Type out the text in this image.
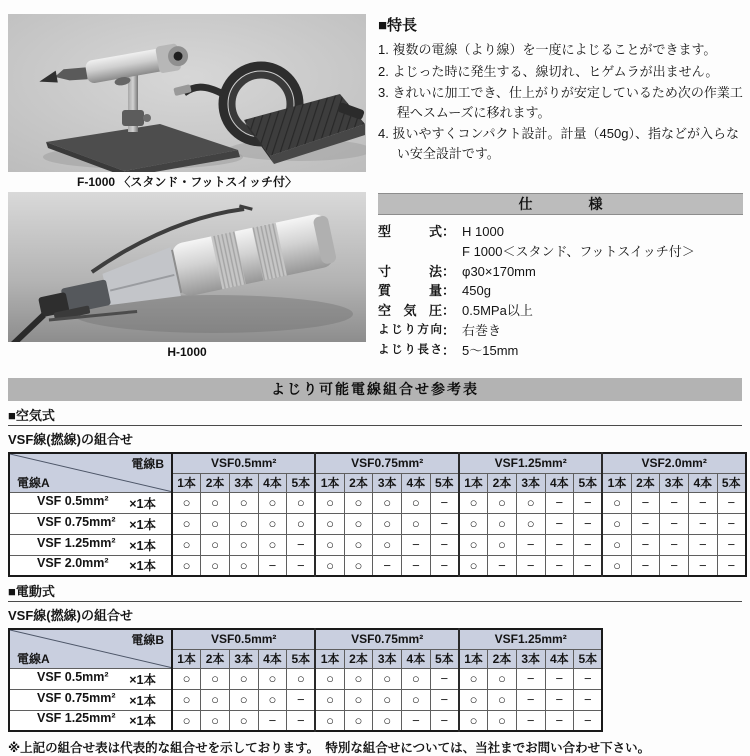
F-1000 〈スタンド・フットスイッチ付〉
H-1000
■特長
1. 複数の電線（より線）を一度によじることができます。
2. よじった時に発生する、線切れ、ヒゲムラが出ません。
3. きれいに加工でき、仕上がりが安定しているため次の作業工程へスムーズに移れます。
4. 扱いやすくコンパクト設計。計量（450g）、指などが入らない安全設計です。
仕　　　　様
型式 ： H 1000
F 1000＜スタンド、フットスイッチ付＞
寸法 ： φ30×170mm
質量 ： 450g
空気圧 ： 0.5MPa以上
よじり方向 ： 右巻き
よじり長さ ： 5～15mm
よじり可能電線組合せ参考表
■空気式
VSF線(撚線)の組合せ
電線B
電線A	VSF0.5mm²					VSF0.75mm²					VSF1.25mm²					VSF2.0mm²				
	1本	2本	3本	4本	5本	1本	2本	3本	4本	5本	1本	2本	3本	4本	5本	1本	2本	3本	4本	5本

VSF 0.5mm² ×1本	○	○	○	○	○	○	○	○	○	−	○	○	○	−	−	○	−	−	−	−

VSF 0.75mm² ×1本	○	○	○	○	○	○	○	○	○	−	○	○	○	−	−	○	−	−	−	−

VSF 1.25mm² ×1本	○	○	○	○	−	○	○	○	−	−	○	○	−	−	−	○	−	−	−	−

VSF 2.0mm² ×1本	○	○	○	−	−	○	○	−	−	−	○	−	−	−	−	○	−	−	−	−
■電動式
VSF線(撚線)の組合せ
電線B
電線A	VSF0.5mm²					VSF0.75mm²					VSF1.25mm²				
	1本	2本	3本	4本	5本	1本	2本	3本	4本	5本	1本	2本	3本	4本	5本

VSF 0.5mm² ×1本	○	○	○	○	○	○	○	○	○	−	○	○	−	−	−

VSF 0.75mm² ×1本	○	○	○	○	−	○	○	○	○	−	○	○	−	−	−

VSF 1.25mm² ×1本	○	○	○	−	−	○	○	○	−	−	○	○	−	−	−
※上記の組合せ表は代表的な組合せを示しております。　特別な組合せについては、当社までお問い合わせ下さい。
